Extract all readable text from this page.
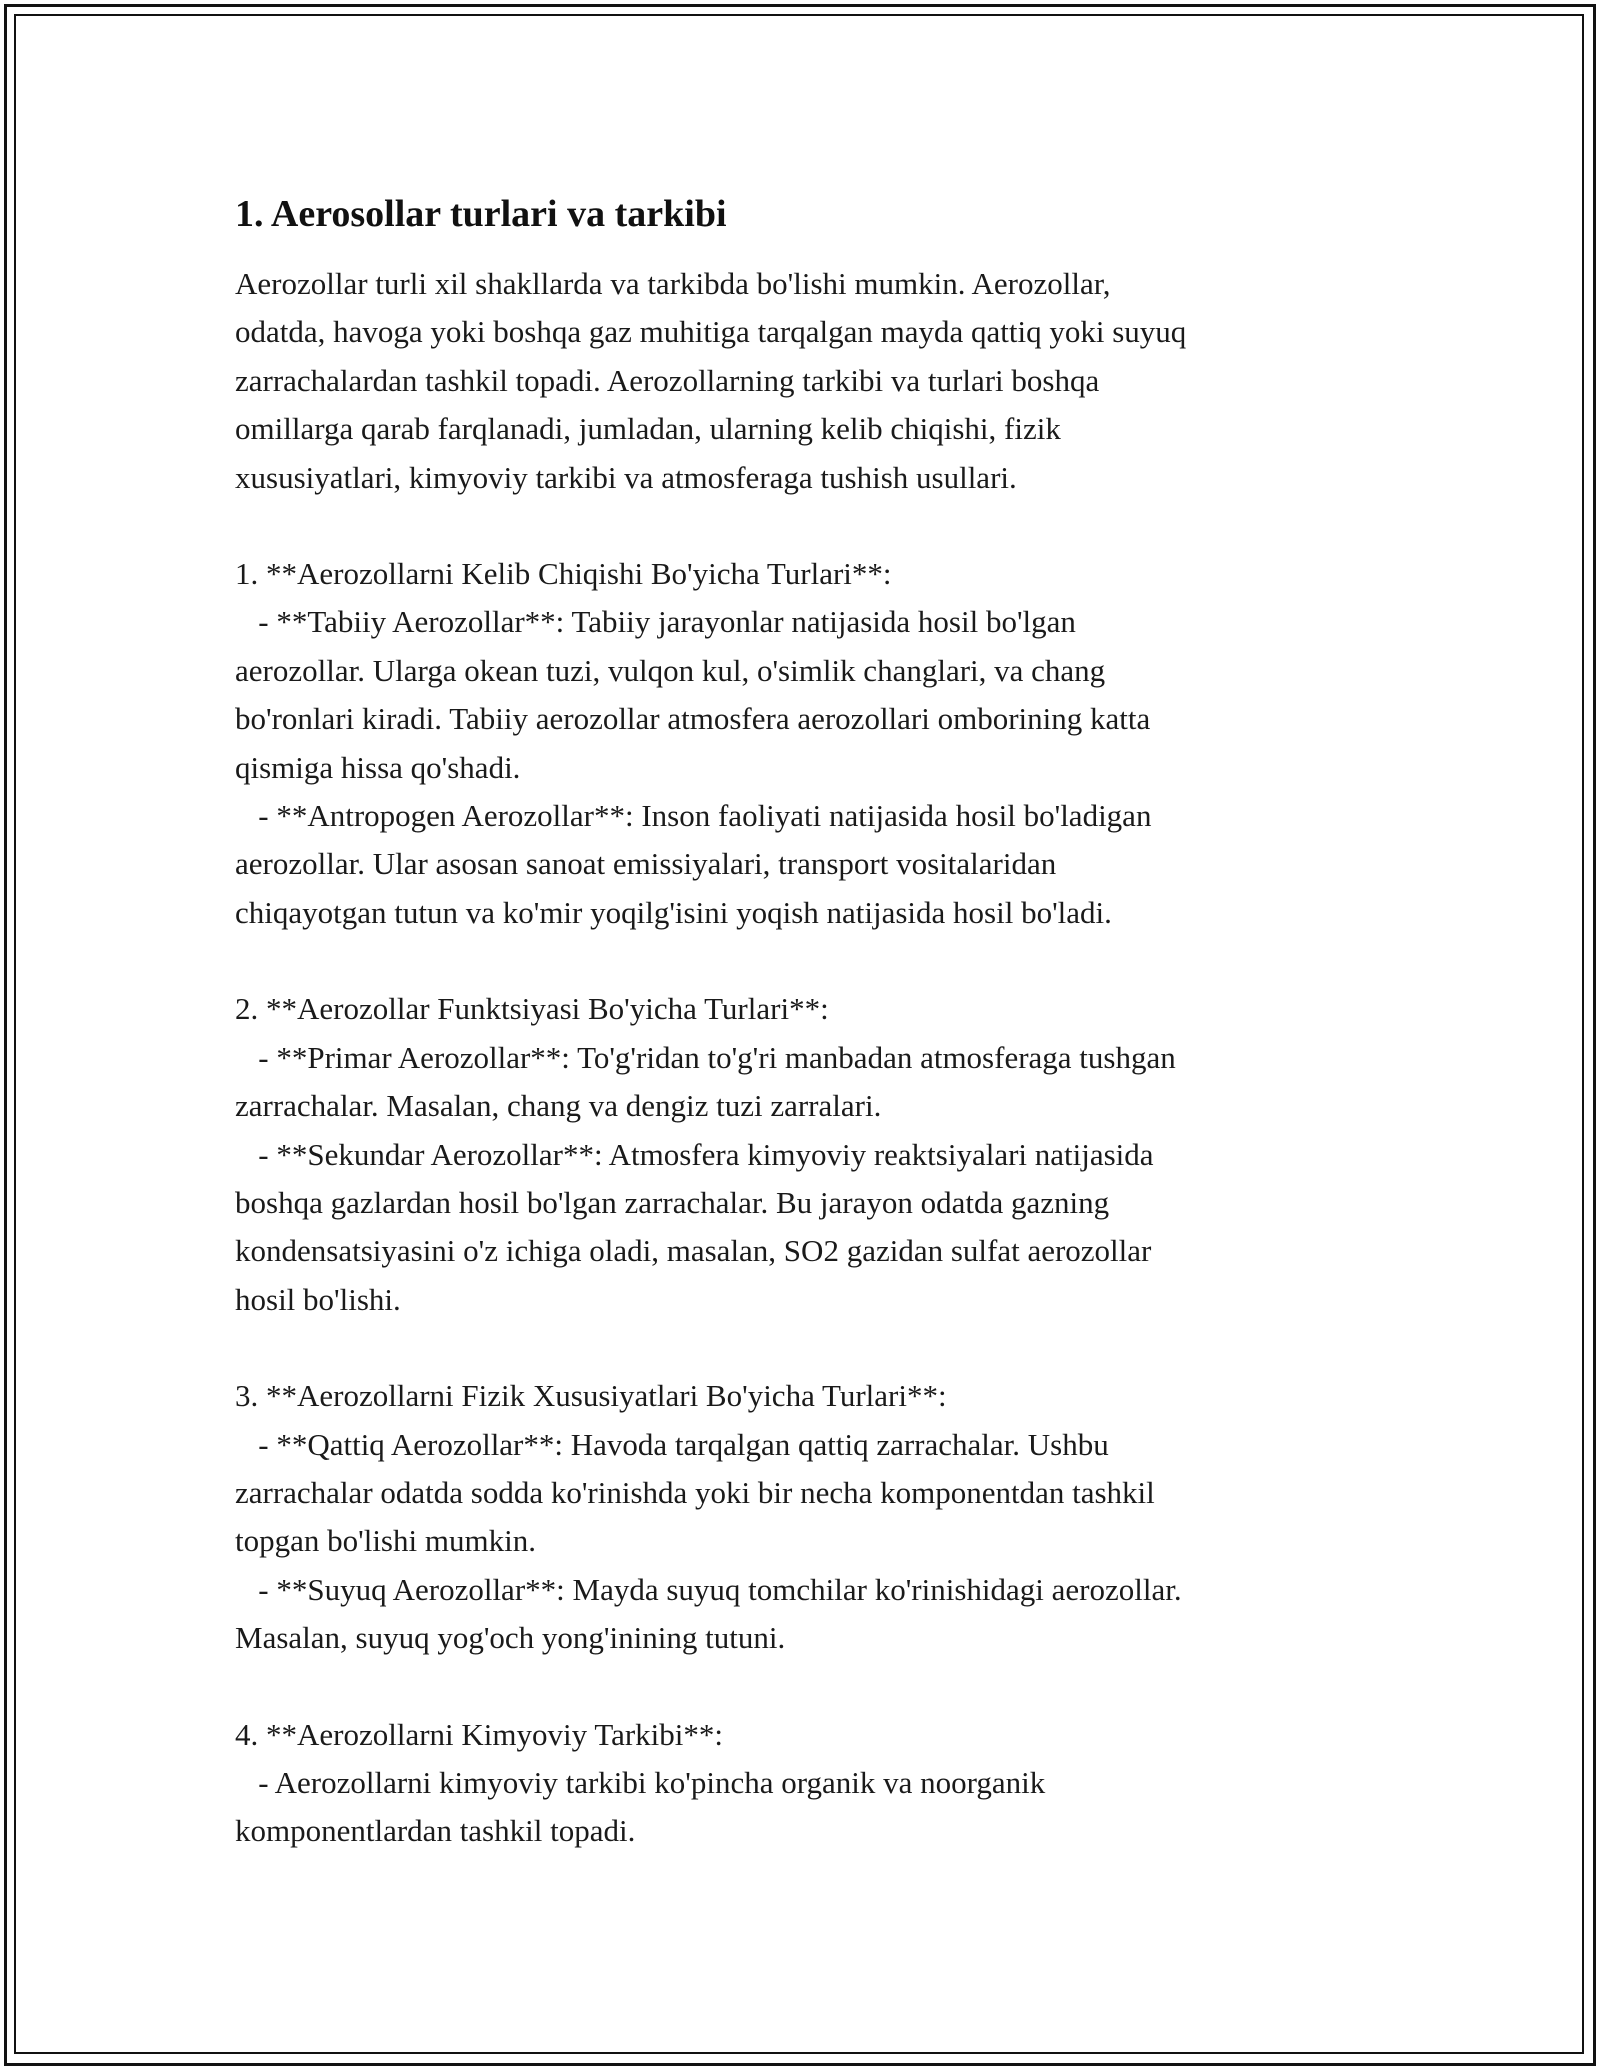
1. Aerosollar turlari va tarkibi
Aerozollar turli xil shakllarda va tarkibda bo'lishi mumkin. Aerozollar,
odatda, havoga yoki boshqa gaz muhitiga tarqalgan mayda qattiq yoki suyuq
zarrachalardan tashkil topadi. Aerozollarning tarkibi va turlari boshqa
omillarga qarab farqlanadi, jumladan, ularning kelib chiqishi, fizik
xususiyatlari, kimyoviy tarkibi va atmosferaga tushish usullari.
1. **Aerozollarni Kelib Chiqishi Bo'yicha Turlari**:
- **Tabiiy Aerozollar**: Tabiiy jarayonlar natijasida hosil bo'lgan
aerozollar. Ularga okean tuzi, vulqon kul, o'simlik changlari, va chang
bo'ronlari kiradi. Tabiiy aerozollar atmosfera aerozollari omborining katta
qismiga hissa qo'shadi.
- **Antropogen Aerozollar**: Inson faoliyati natijasida hosil bo'ladigan
aerozollar. Ular asosan sanoat emissiyalari, transport vositalaridan
chiqayotgan tutun va ko'mir yoqilg'isini yoqish natijasida hosil bo'ladi.
2. **Aerozollar Funktsiyasi Bo'yicha Turlari**:
- **Primar Aerozollar**: To'g'ridan to'g'ri manbadan atmosferaga tushgan
zarrachalar. Masalan, chang va dengiz tuzi zarralari.
- **Sekundar Aerozollar**: Atmosfera kimyoviy reaktsiyalari natijasida
boshqa gazlardan hosil bo'lgan zarrachalar. Bu jarayon odatda gazning
kondensatsiyasini o'z ichiga oladi, masalan, SO2 gazidan sulfat aerozollar
hosil bo'lishi.
3. **Aerozollarni Fizik Xususiyatlari Bo'yicha Turlari**:
- **Qattiq Aerozollar**: Havoda tarqalgan qattiq zarrachalar. Ushbu
zarrachalar odatda sodda ko'rinishda yoki bir necha komponentdan tashkil
topgan bo'lishi mumkin.
- **Suyuq Aerozollar**: Mayda suyuq tomchilar ko'rinishidagi aerozollar.
Masalan, suyuq yog'och yong'inining tutuni.
4. **Aerozollarni Kimyoviy Tarkibi**:
- Aerozollarni kimyoviy tarkibi ko'pincha organik va noorganik
komponentlardan tashkil topadi.
